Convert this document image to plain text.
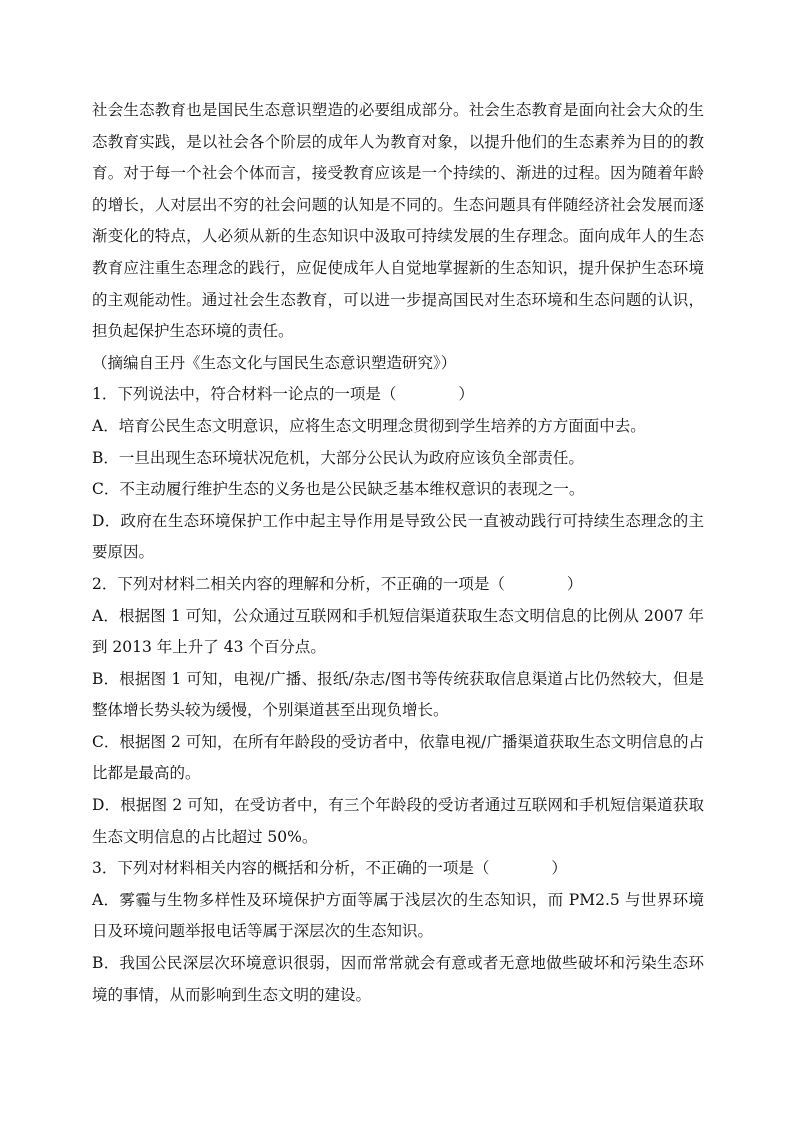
社会生态教育也是国民生态意识塑造的必要组成部分。社会生态教育是面向社会大众的生态教育实践，是以社会各个阶层的成年人为教育对象，以提升他们的生态素养为目的的教育。对于每一个社会个体而言，接受教育应该是一个持续的、渐进的过程。因为随着年龄的增长，人对层出不穷的社会问题的认知是不同的。生态问题具有伴随经济社会发展而逐渐变化的特点，人必须从新的生态知识中汲取可持续发展的生存理念。面向成年人的生态教育应注重生态理念的践行，应促使成年人自觉地掌握新的生态知识，提升保护生态环境的主观能动性。通过社会生态教育，可以进一步提高国民对生态环境和生态问题的认识，担负起保护生态环境的责任。

（摘编自王丹《生态文化与国民生态意识塑造研究》）

1．下列说法中，符合材料一论点的一项是（　　　　）

A．培育公民生态文明意识，应将生态文明理念贯彻到学生培养的方方面面中去。

B．一旦出现生态环境状况危机，大部分公民认为政府应该负全部责任。

C．不主动履行维护生态的义务也是公民缺乏基本维权意识的表现之一。

D．政府在生态环境保护工作中起主导作用是导致公民一直被动践行可持续生态理念的主要原因。

2．下列对材料二相关内容的理解和分析，不正确的一项是（　　　　）

A．根据图 1 可知，公众通过互联网和手机短信渠道获取生态文明信息的比例从 2007 年到 2013 年上升了 43 个百分点。

B．根据图 1 可知，电视/广播、报纸/杂志/图书等传统获取信息渠道占比仍然较大，但是整体增长势头较为缓慢，个别渠道甚至出现负增长。

C．根据图 2 可知，在所有年龄段的受访者中，依靠电视/广播渠道获取生态文明信息的占比都是最高的。

D．根据图 2 可知，在受访者中，有三个年龄段的受访者通过互联网和手机短信渠道获取生态文明信息的占比超过 50%。

3．下列对材料相关内容的概括和分析，不正确的一项是（　　　　）

A．雾霾与生物多样性及环境保护方面等属于浅层次的生态知识，而 PM2.5 与世界环境日及环境问题举报电话等属于深层次的生态知识。

B．我国公民深层次环境意识很弱，因而常常就会有意或者无意地做些破坏和污染生态环境的事情，从而影响到生态文明的建设。
